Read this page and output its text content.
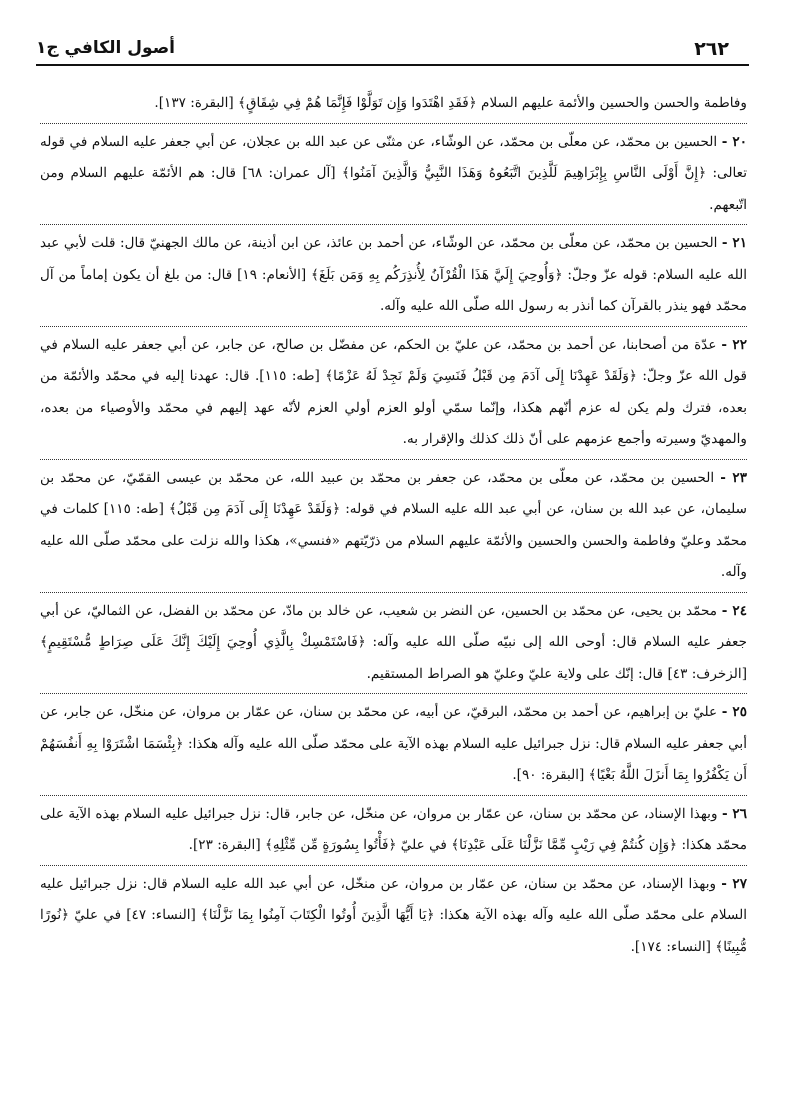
٢٦٢
أصول الكافي ج١

وفاطمة والحسن والحسين والأئمة عليهم السلام ﴿فَقَدِ اهْتَدَوا وَإِن تَوَلَّوْا فَإِنَّمَا هُمْ فِي شِقَاقٍ﴾ [البقرة: ١٣٧].

٢٠ - الحسين بن محمّد، عن معلّى بن محمّد، عن الوشّاء، عن مثنّى عن عبد الله بن عجلان، عن أبي جعفر عليه السلام في قوله تعالى: ﴿إِنَّ أَوْلَى النَّاسِ بِإِبْرَاهِيمَ لَلَّذِينَ اتَّبَعُوهُ وَهَذَا النَّبِيُّ وَالَّذِينَ آمَنُوا﴾ [آل عمران: ٦٨] قال: هم الأئمّة عليهم السلام ومن اتّبعهم.

٢١ - الحسين بن محمّد، عن معلّى بن محمّد، عن الوشّاء، عن أحمد بن عائذ، عن ابن أذينة، عن مالك الجهنيّ قال: قلت لأبي عبد الله عليه السلام: قوله عزّ وجلّ: ﴿وَأُوحِيَ إِلَيَّ هَذَا الْقُرْآنُ لِأُنذِرَكُم بِهِ وَمَن بَلَغَ﴾ [الأنعام: ١٩] قال: من بلغ أن يكون إماماً من آل محمّد فهو ينذر بالقرآن كما أنذر به رسول الله صلّى الله عليه وآله.

٢٢ - عدّة من أصحابنا، عن أحمد بن محمّد، عن عليّ بن الحكم، عن مفضّل بن صالح، عن جابر، عن أبي جعفر عليه السلام في قول الله عزّ وجلّ: ﴿وَلَقَدْ عَهِدْنَا إِلَى آدَمَ مِن قَبْلُ فَنَسِيَ وَلَمْ نَجِدْ لَهُ عَزْمًا﴾ [طه: ١١٥]. قال: عهدنا إليه في محمّد والأئمّة من بعده، فترك ولم يكن له عزم أنّهم هكذا، وإنّما سمّي أولو العزم أولي العزم لأنّه عهد إليهم في محمّد والأوصياء من بعده، والمهديّ وسيرته وأجمع عزمهم على أنّ ذلك كذلك والإقرار به.

٢٣ - الحسين بن محمّد، عن معلّى بن محمّد، عن جعفر بن محمّد بن عبيد الله، عن محمّد بن عيسى القمّيّ، عن محمّد بن سليمان، عن عبد الله بن سنان، عن أبي عبد الله عليه السلام في قوله: ﴿وَلَقَدْ عَهِدْنَا إِلَى آدَمَ مِن قَبْلُ﴾ [طه: ١١٥] كلمات في محمّد وعليّ وفاطمة والحسن والحسين والأئمّة عليهم السلام من ذرّيّتهم «فنسي»، هكذا والله نزلت على محمّد صلّى الله عليه وآله.

٢٤ - محمّد بن يحيى، عن محمّد بن الحسين، عن النضر بن شعيب، عن خالد بن مادّ، عن محمّد بن الفضل، عن الثماليّ، عن أبي جعفر عليه السلام قال: أوحى الله إلى نبيّه صلّى الله عليه وآله: ﴿فَاسْتَمْسِكْ بِالَّذِي أُوحِيَ إِلَيْكَ إِنَّكَ عَلَى صِرَاطٍ مُّسْتَقِيمٍ﴾ [الزخرف: ٤٣] قال: إنّك على ولاية عليّ وعليّ هو الصراط المستقيم.

٢٥ - عليّ بن إبراهيم، عن أحمد بن محمّد، البرقيّ، عن أبيه، عن محمّد بن سنان، عن عمّار بن مروان، عن منخّل، عن جابر، عن أبي جعفر عليه السلام قال: نزل جبرائيل عليه السلام بهذه الآية على محمّد صلّى الله عليه وآله هكذا: ﴿بِئْسَمَا اشْتَرَوْا بِهِ أَنفُسَهُمْ أَن يَكْفُرُوا بِمَا أَنزَلَ اللَّهُ بَغْيًا﴾ [البقرة: ٩٠].

٢٦ - وبهذا الإسناد، عن محمّد بن سنان، عن عمّار بن مروان، عن منخّل، عن جابر، قال: نزل جبرائيل عليه السلام بهذه الآية على محمّد هكذا: ﴿وَإِن كُنتُمْ فِي رَيْبٍ مِّمَّا نَزَّلْنَا عَلَى عَبْدِنَا﴾ في عليّ ﴿فَأْتُوا بِسُورَةٍ مِّن مِّثْلِهِ﴾ [البقرة: ٢٣].

٢٧ - وبهذا الإسناد، عن محمّد بن سنان، عن عمّار بن مروان، عن منخّل، عن أبي عبد الله عليه السلام قال: نزل جبرائيل عليه السلام على محمّد صلّى الله عليه وآله بهذه الآية هكذا: ﴿يَا أَيُّهَا الَّذِينَ أُوتُوا الْكِتَابَ آمِنُوا بِمَا نَزَّلْنَا﴾ [النساء: ٤٧] في عليّ ﴿نُورًا مُّبِينًا﴾ [النساء: ١٧٤].
